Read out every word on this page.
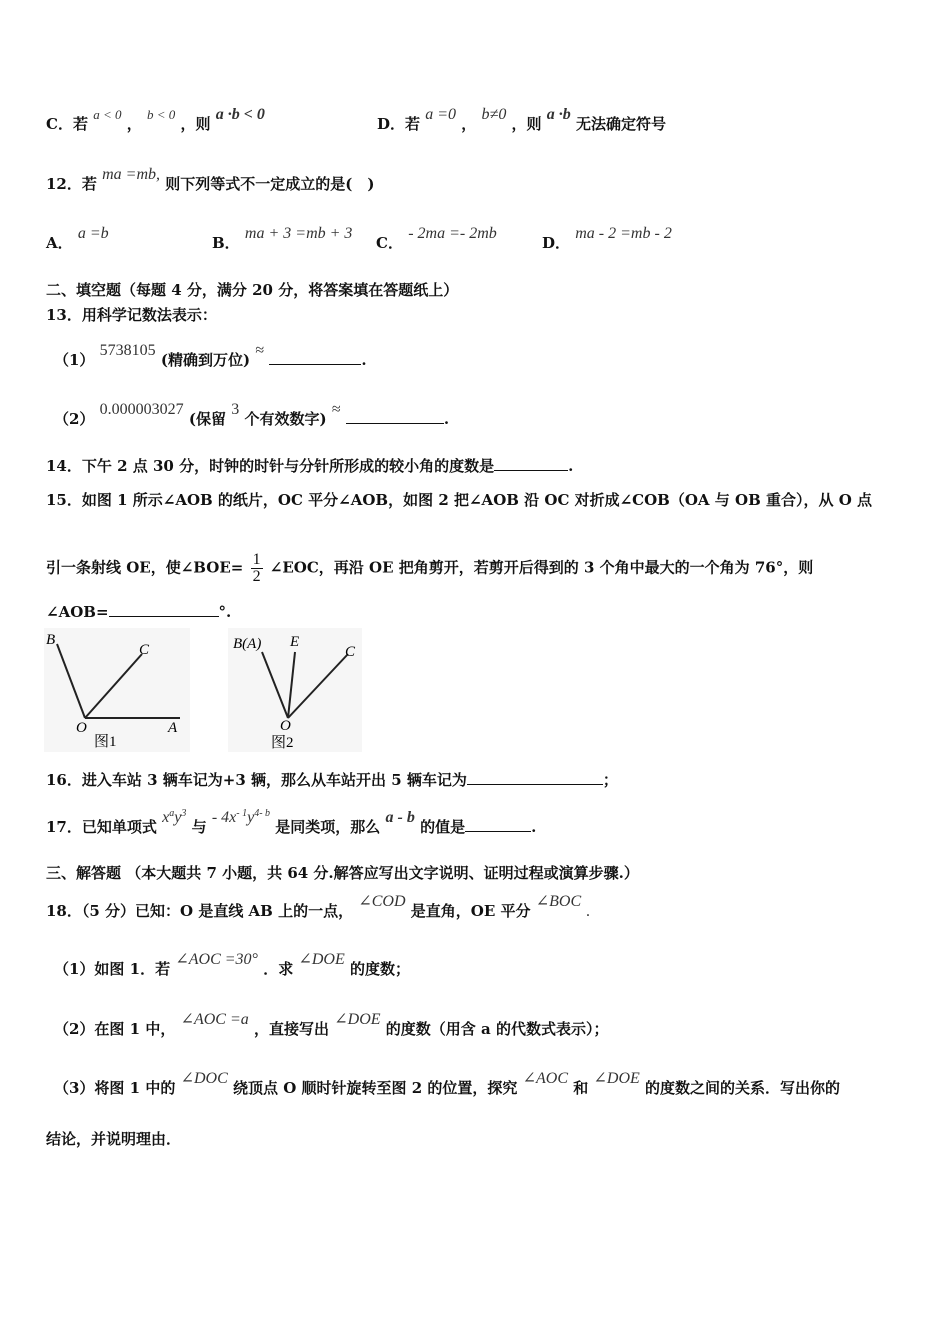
C．若 a < 0 ， b < 0 ，则 a ·b < 0
D．若 a =0 ， b≠0 ，则 a ·b 无法确定符号
12．若 ma =mb, 则下列等式不一定成立的是(　)
A． a =b
B． ma + 3 =mb + 3
C． - 2ma =- 2mb
D． ma - 2 =mb - 2
二、填空题（每题 4 分，满分 20 分，将答案填在答题纸上）
13．用科学记数法表示：
（1） 5738105 (精确到万位) ≈ .
（2） 0.000003027 (保留 3 个有效数字) ≈ .
14．下午 2 点 30 分，时钟的时针与分针所形成的较小角的度数是	.
15．如图 1 所示∠AOB 的纸片，OC 平分∠AOB，如图 2 把∠AOB 沿 OC 对折成∠COB（OA 与 OB 重合），从 O 点
引一条射线 OE，使∠BOE= $\frac{1}{2}$ ∠EOC，再沿 OE 把角剪开，若剪开后得到的 3 个角中最大的一个角为 76°，则
∠AOB=	°.
B
C
O	A
图1
B(A) E
C
O
图2
16．进入车站 3 辆车记为+3 辆，那么从车站开出 5 辆车记为	；
17．已知单项式 $x^ay^3$ 与 - $4x^{- 1}y^{4- b}$ 是同类项，那么 a - b 的值是	.
三、解答题 （本大题共 7 小题，共 64 分.解答应写出文字说明、证明过程或演算步骤.）
18．（5 分）已知：O 是直线 AB 上的一点， ∠COD 是直角，OE 平分 ∠BOC .
（1）如图 1．若 ∠AOC =30° ．求 ∠DOE 的度数；
（2）在图 1 中， ∠AOC =a ，直接写出 ∠DOE 的度数（用含 a 的代数式表示）；
（3）将图 1 中的 ∠DOC 绕顶点 O 顺时针旋转至图 2 的位置，探究 ∠AOC 和 ∠DOE 的度数之间的关系．写出你的
结论，并说明理由．
